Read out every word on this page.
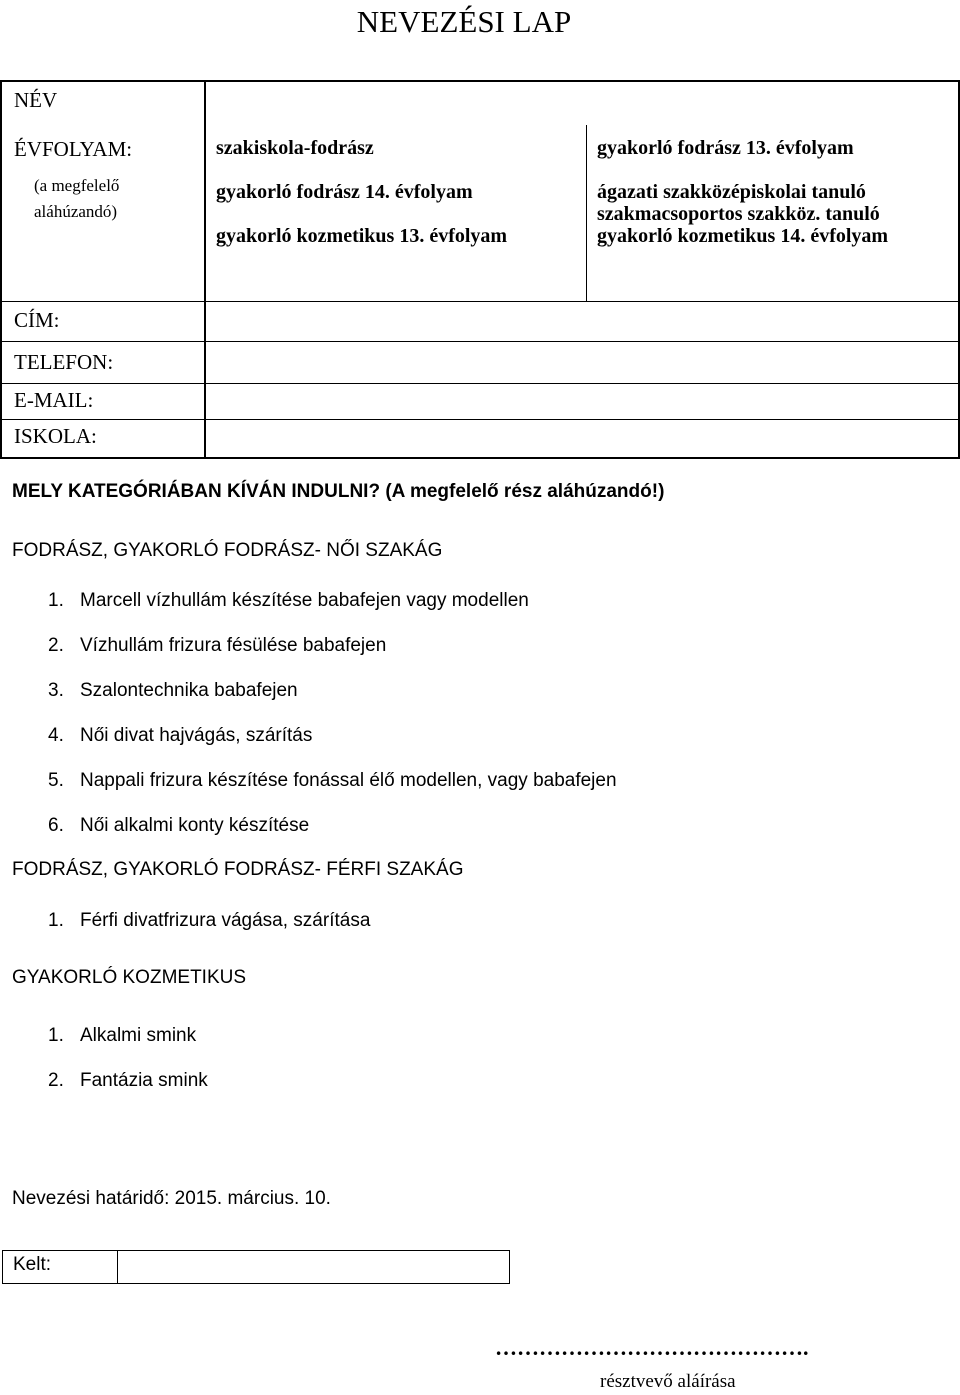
NEVEZÉSI LAP
NÉV	

ÉVFOLYAM:
(a megfelelő
aláhúzandó)

szakiskola-fodrász
gyakorló fodrász 14. évfolyam
gyakorló kozmetikus 13. évfolyam

gyakorló fodrász 13. évfolyam
ágazati szakközépiskolai tanuló
szakmacsoportos szakköz. tanuló
gyakorló kozmetikus 14. évfolyam

CÍM:	
TELEFON:	
E-MAIL:	
ISKOLA:	
MELY KATEGÓRIÁBAN KÍVÁN INDULNI? (A megfelelő rész aláhúzandó!)
FODRÁSZ, GYAKORLÓ FODRÁSZ- NŐI SZAKÁG
1. Marcell vízhullám készítése babafejen vagy modellen
2. Vízhullám frizura fésülése babafejen
3. Szalontechnika babafejen
4. Női divat hajvágás, szárítás
5. Nappali frizura készítése fonással élő modellen, vagy babafejen
6. Női alkalmi konty készítése
FODRÁSZ, GYAKORLÓ FODRÁSZ- FÉRFI SZAKÁG
1. Férfi divatfrizura vágása, szárítása
GYAKORLÓ KOZMETIKUS
1. Alkalmi smink
2. Fantázia smink
Nevezési határidő: 2015. március. 10.
Kelt:
…………………………………….
résztvevő aláírása
